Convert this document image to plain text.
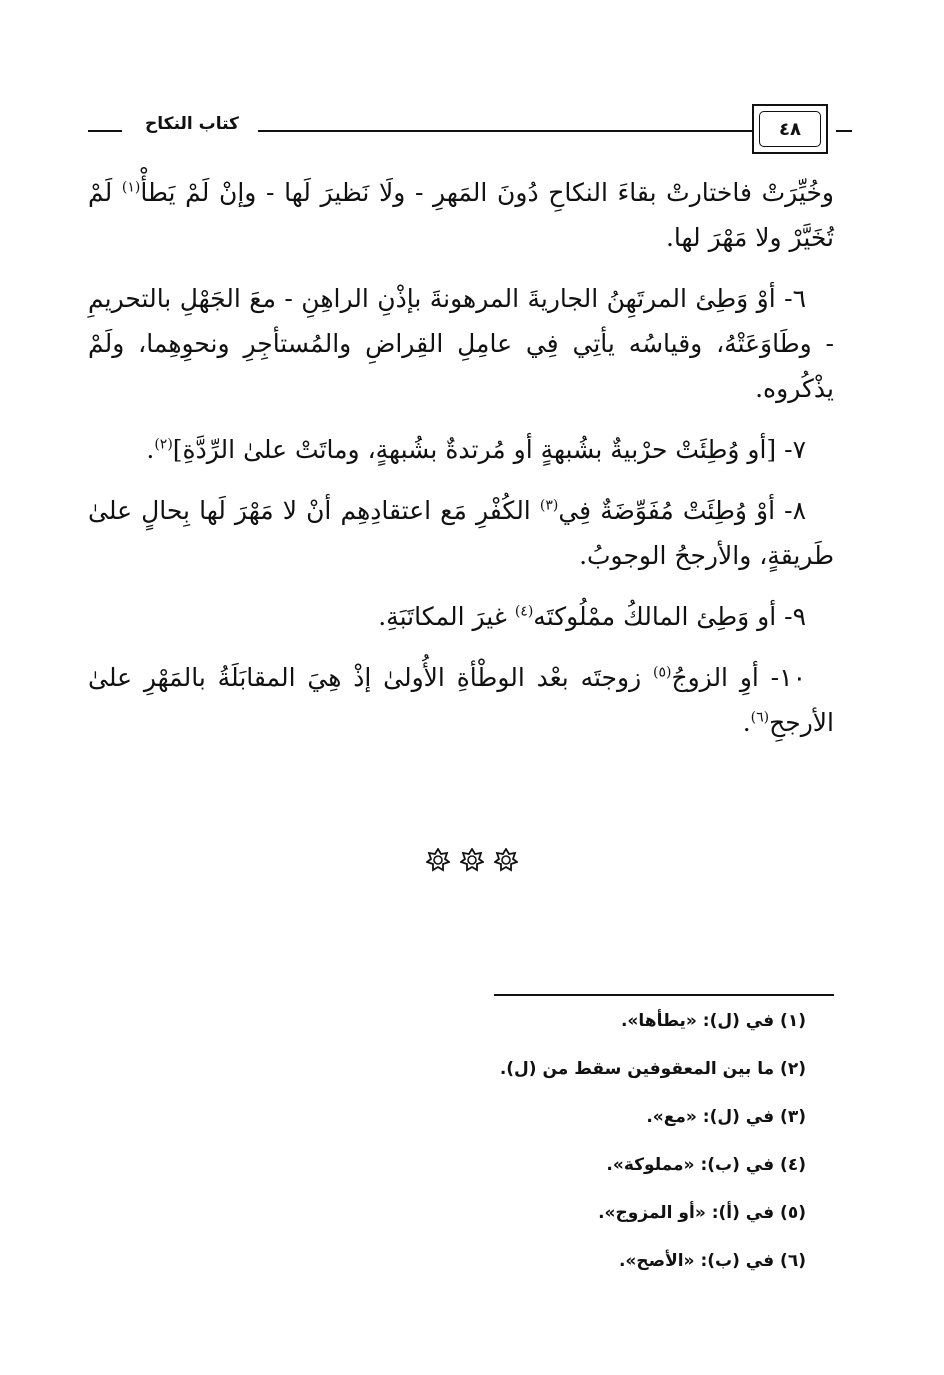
كتاب النكاح	٤٨

وخُيِّرَتْ فاختارتْ بقاءَ النكاحِ دُونَ المَهرِ - ولَا نَظيرَ لَها - وإنْ لَمْ يَطأْ$^{(١)}$ لَمْ تُخَيَّرْ ولا مَهْرَ لها.

٦- أوْ وَطِئ المرتَهِنُ الجاريةَ المرهونةَ بإذْنِ الراهِنِ - معَ الجَهْلِ بالتحريمِ - وطَاوَعَتْهُ، وقياسُه يأتِي فِي عامِلِ القِراضِ والمُستأجِرِ ونحوِهِما، ولَمْ يذْكُروه.

٧- [أو وُطِئَتْ حرْبيةٌ بشُبهةٍ أو مُرتدةٌ بشُبهةٍ، وماتَتْ علىٰ الرِّدَّةِ]$^{(٢)}$.

٨- أوْ وُطِئَتْ مُفَوِّضَةٌ فِي$^{(٣)}$ الكُفْرِ مَع اعتقادِهِم أنْ لا مَهْرَ لَها بِحالٍ علىٰ طَريقةٍ، والأرجحُ الوجوبُ.

٩- أو وَطِئ المالكُ ممْلُوكتَه$^{(٤)}$ غيرَ المكاتَبَةِ.

١٠- أوِ الزوجُ$^{(٥)}$ زوجتَه بعْد الوطْأةِ الأُولىٰ إذْ هِيَ المقابَلَةُ بالمَهْرِ علىٰ الأرجحِ$^{(٦)}$.

(١) في (ل): «يطأها».
(٢) ما بين المعقوفين سقط من (ل).
(٣) في (ل): «مع».
(٤) في (ب): «مملوكة».
(٥) في (أ): «أو المزوج».
(٦) في (ب): «الأصح».
